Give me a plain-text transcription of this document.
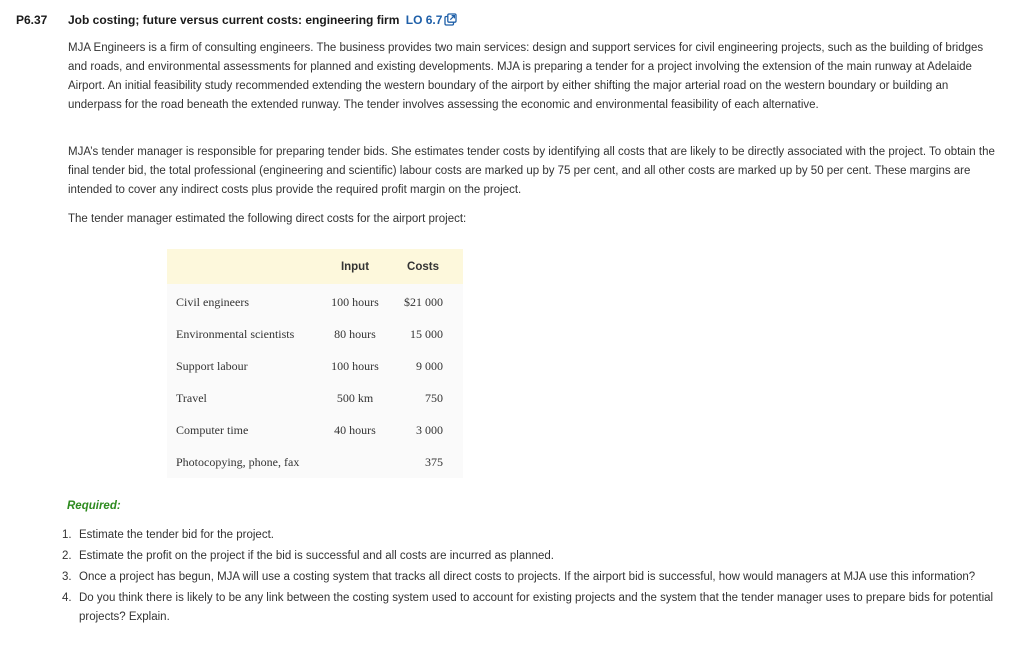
P6.37 Job costing; future versus current costs: engineering firm LO 6.7
MJA Engineers is a firm of consulting engineers. The business provides two main services: design and support services for civil engineering projects, such as the building of bridges and roads, and environmental assessments for planned and existing developments. MJA is preparing a tender for a project involving the extension of the main runway at Adelaide Airport. An initial feasibility study recommended extending the western boundary of the airport by either shifting the major arterial road on the western boundary or building an underpass for the road beneath the extended runway. The tender involves assessing the economic and environmental feasibility of each alternative.
MJA’s tender manager is responsible for preparing tender bids. She estimates tender costs by identifying all costs that are likely to be directly associated with the project. To obtain the final tender bid, the total professional (engineering and scientific) labour costs are marked up by 75 per cent, and all other costs are marked up by 50 per cent. These margins are intended to cover any indirect costs plus provide the required profit margin on the project.
The tender manager estimated the following direct costs for the airport project:
	Input	Costs
Civil engineers	100 hours	$21 000
Environmental scientists	80 hours	15 000
Support labour	100 hours	9 000
Travel	500 km	750
Computer time	40 hours	3 000
Photocopying, phone, fax		375
Required:
1. Estimate the tender bid for the project.
2. Estimate the profit on the project if the bid is successful and all costs are incurred as planned.
3. Once a project has begun, MJA will use a costing system that tracks all direct costs to projects. If the airport bid is successful, how would managers at MJA use this information?
4. Do you think there is likely to be any link between the costing system used to account for existing projects and the system that the tender manager uses to prepare bids for potential projects? Explain.
